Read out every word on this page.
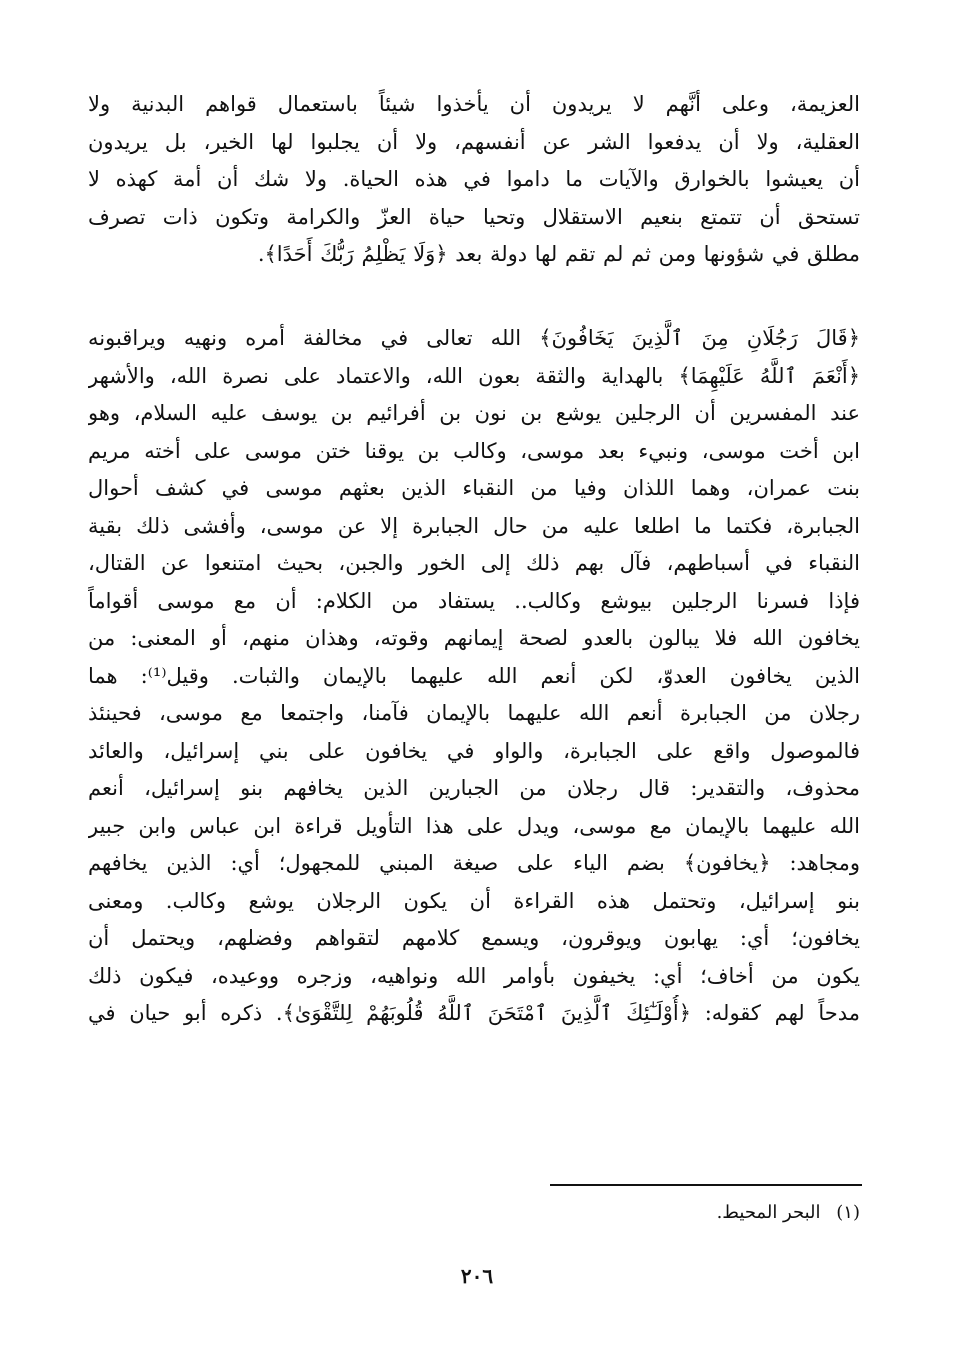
العزيمة، وعلى أنَّهم لا يريدون أن يأخذوا شيئاً باستعمال قواهم البدنية ولا
العقلية، ولا أن يدفعوا الشر عن أنفسهم، ولا أن يجلبوا لها الخير، بل يريدون
أن يعيشوا بالخوارق والآيات ما داموا في هذه الحياة. ولا شك أن أمة كهذه لا
تستحق أن تتمتع بنعيم الاستقلال وتحيا حياة العزّ والكرامة وتكون ذات تصرف
مطلق في شؤونها ومن ثم لم تقم لها دولة بعد ﴿وَلَا يَظْلِمُ رَبُّكَ أَحَدًا﴾.
﴿قَالَ رَجُلَانِ مِنَ ٱلَّذِينَ يَخَافُونَ﴾ الله تعالى في مخالفة أمره ونهيه ويراقبونه
﴿أَنْعَمَ ٱللَّهُ عَلَيْهِمَا﴾ بالهداية والثقة بعون الله، والاعتماد على نصرة الله، والأشهر
عند المفسرين أن الرجلين يوشع بن نون بن أفرائيم بن يوسف عليه السلام، وهو
ابن أخت موسى، ونبيء بعد موسى، وكالب بن يوقنا ختن موسى على أخته مريم
بنت عمران، وهما اللذان وفيا من النقباء الذين بعثهم موسى في كشف أحوال
الجبابرة، فكتما ما اطلعا عليه من حال الجبابرة إلا عن موسى، وأفشى ذلك بقية
النقباء في أسباطهم، فآل بهم ذلك إلى الخور والجبن، بحيث امتنعوا عن القتال،
فإذا فسرنا الرجلين بيوشع وكالب.. يستفاد من الكلام: أن مع موسى أقواماً
يخافون الله فلا يبالون بالعدو لصحة إيمانهم وقوته، وهذان منهم، أو المعنى: من
الذين يخافون العدوّ، لكن أنعم الله عليهما بالإيمان والثبات. وقيل⁽¹⁾: هما
رجلان من الجبابرة أنعم الله عليهما بالإيمان فآمنا، واجتمعا مع موسى، فحينئذ
فالموصول واقع على الجبابرة، والواو في يخافون على بني إسرائيل، والعائد
محذوف، والتقدير: قال رجلان من الجبارين الذين يخافهم بنو إسرائيل، أنعم
الله عليهما بالإيمان مع موسى، ويدل على هذا التأويل قراءة ابن عباس وابن جبير
ومجاهد: ﴿يخافون﴾ بضم الياء على صيغة المبني للمجهول؛ أي: الذين يخافهم
بنو إسرائيل، وتحتمل هذه القراءة أن يكون الرجلان يوشع وكالب. ومعنى
يخافون؛ أي: يهابون ويوقرون، ويسمع كلامهم لتقواهم وفضلهم، ويحتمل أن
يكون من أخاف؛ أي: يخيفون بأوامر الله ونواهيه، وزجره ووعيده، فيكون ذلك
مدحاً لهم كقوله: ﴿أُوْلَـٰٓئِكَ ٱلَّذِينَ ٱمْتَحَنَ ٱللَّهُ قُلُوبَهُمْ لِلتَّقْوَىٰ﴾. ذكره أبو حيان في
(١) البحر المحيط.
٢٠٦
